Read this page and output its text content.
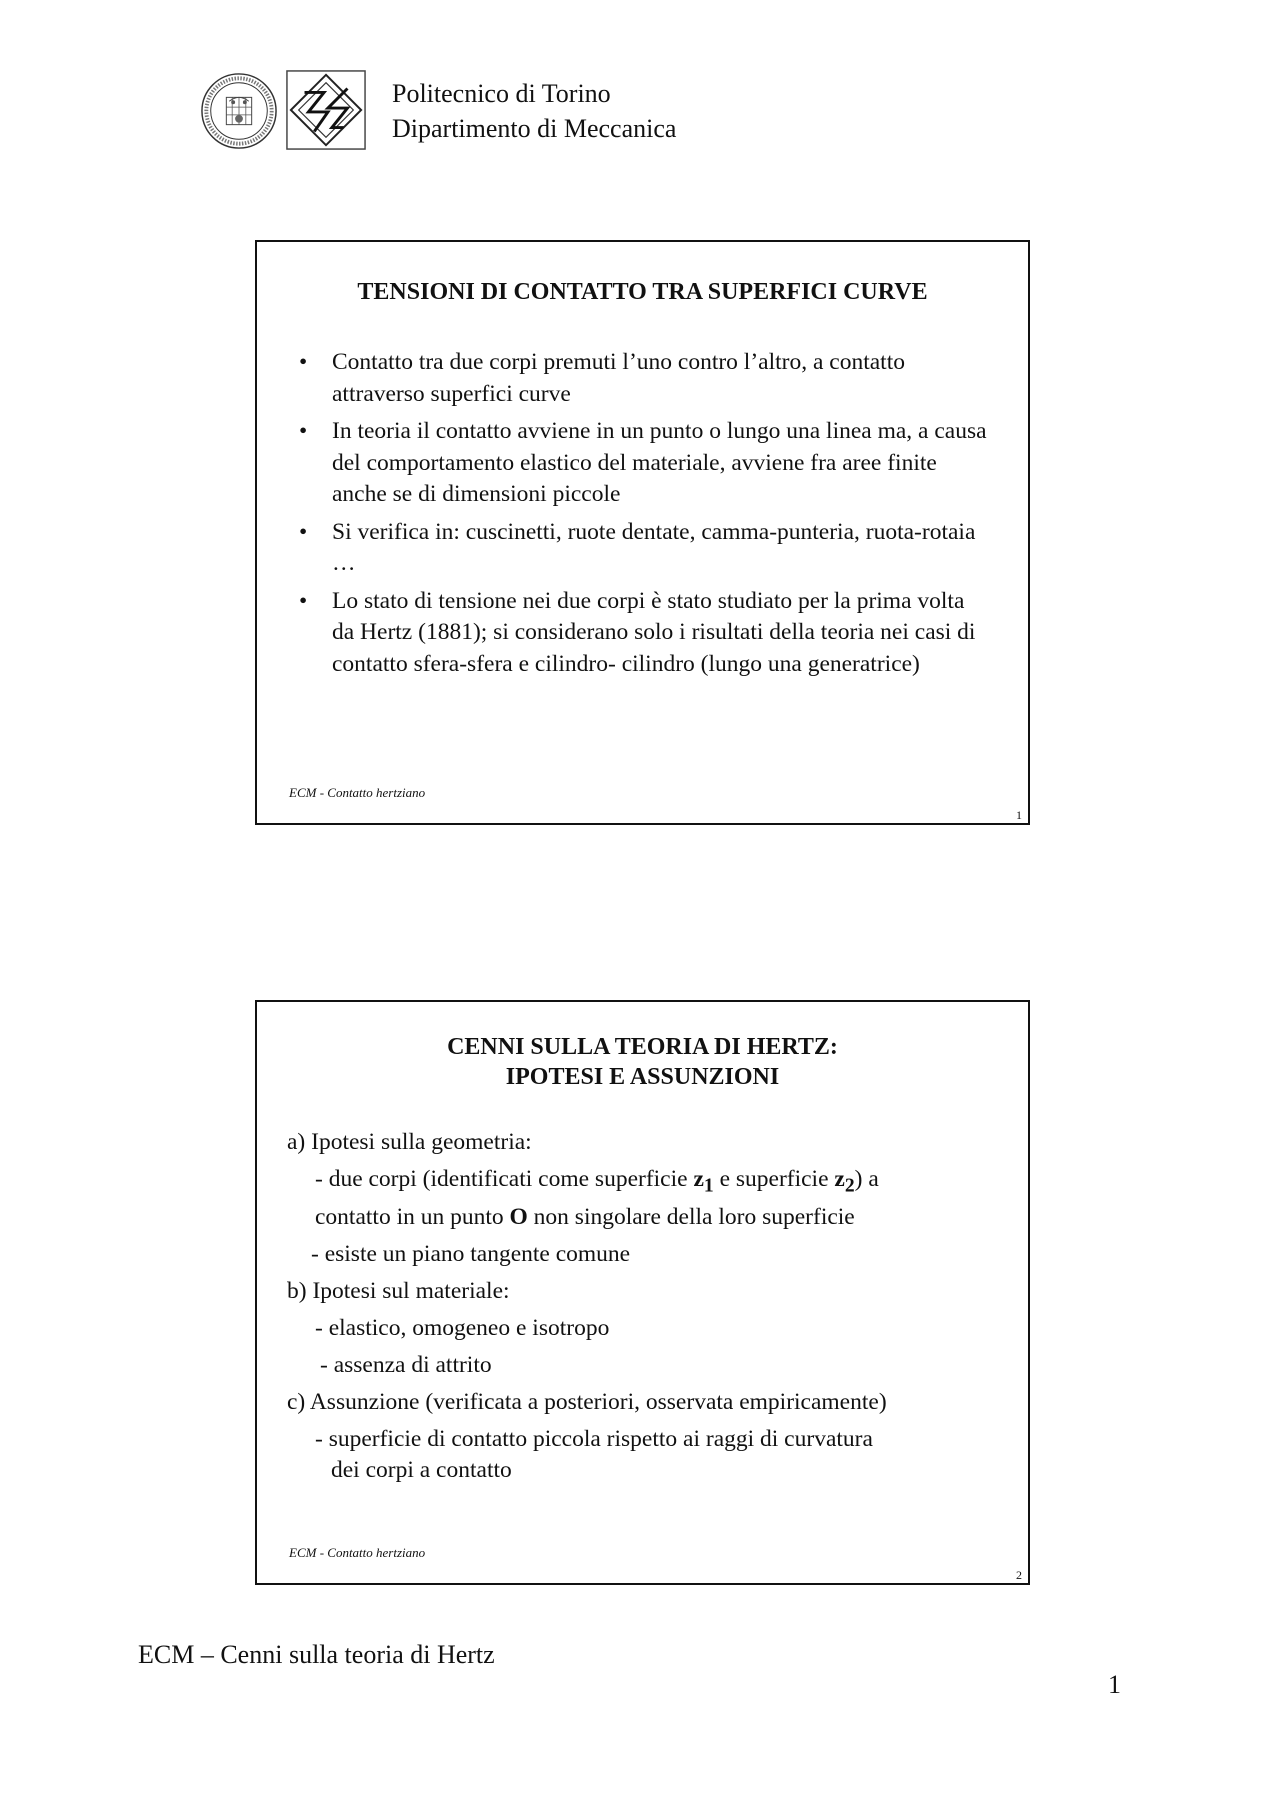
Politecnico di Torino
Dipartimento di Meccanica
TENSIONI DI CONTATTO TRA SUPERFICI CURVE
• Contatto tra due corpi premuti l’uno contro l’altro, a contatto attraverso superfici curve
• In teoria il contatto avviene in un punto o lungo una linea ma, a causa del comportamento elastico del materiale, avviene fra aree finite anche se di dimensioni piccole
• Si verifica in: cuscinetti, ruote dentate, camma-punteria, ruota-rotaia …
• Lo stato di tensione nei due corpi è stato studiato per la prima volta da Hertz (1881); si considerano solo i risultati della teoria nei casi di contatto sfera-sfera e cilindro- cilindro (lungo una generatrice)
ECM - Contatto hertziano
1
CENNI SULLA TEORIA DI HERTZ:
IPOTESI E ASSUNZIONI
a) Ipotesi sulla geometria:
- due corpi (identificati come superficie $z_1$ e superficie $z_2$) a
contatto in un punto O non singolare della loro superficie
- esiste un piano tangente comune
b) Ipotesi sul materiale:
- elastico, omogeneo e isotropo
- assenza di attrito
c) Assunzione (verificata a posteriori, osservata empiricamente)
- superficie di contatto piccola rispetto ai raggi di curvatura
dei corpi a contatto
ECM - Contatto hertziano
2
ECM – Cenni sulla teoria di Hertz
1
